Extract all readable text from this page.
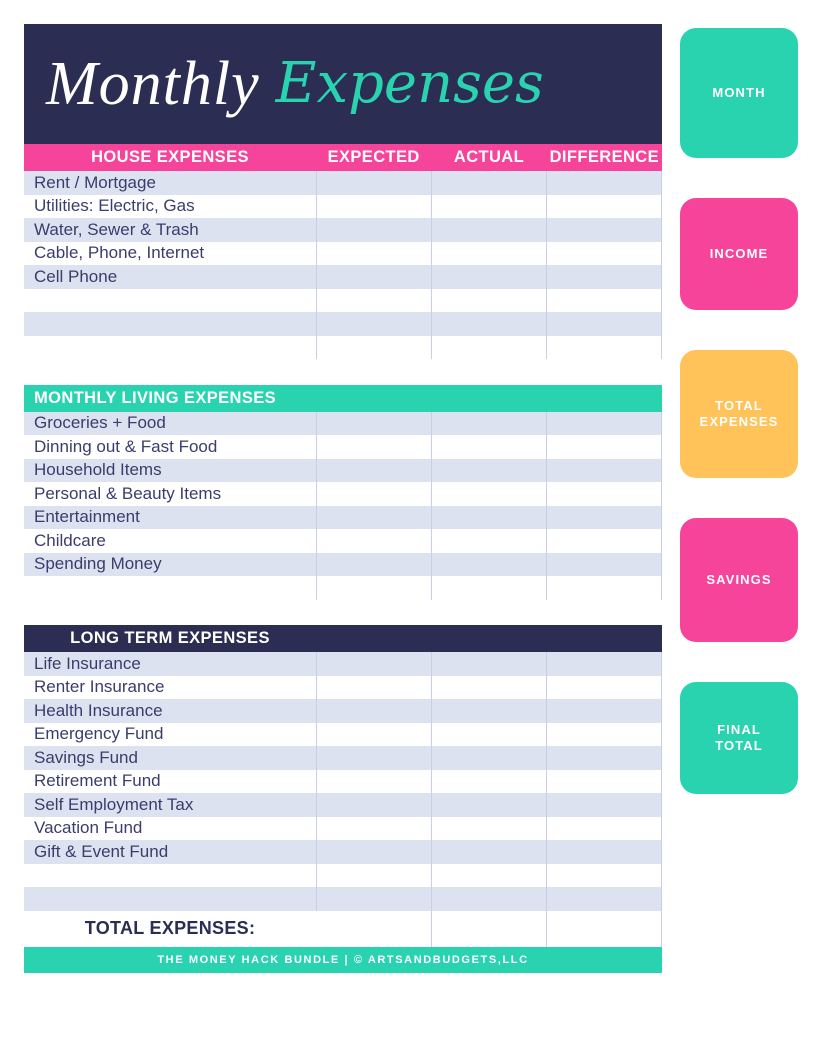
Monthly Expenses
HOUSE EXPENSES	EXPECTED	ACTUAL	DIFFERENCE
Rent / Mortgage			
Utilities: Electric, Gas			
Water, Sewer & Trash			
Cable, Phone, Internet			
Cell Phone			

MONTHLY LIVING EXPENSES			
Groceries + Food			
Dinning out & Fast Food			
Household Items			
Personal & Beauty Items			
Entertainment			
Childcare			
Spending Money			

LONG TERM EXPENSES			
Life Insurance			
Renter Insurance			
Health Insurance			
Emergency Fund			
Savings Fund			
Retirement Fund			
Self Employment Tax			
Vacation Fund			
Gift & Event Fund			

TOTAL EXPENSES:			
THE MONEY HACK BUNDLE | © ARTSANDBUDGETS,LLC
MONTH
INCOME
TOTAL
EXPENSES
SAVINGS
FINAL
TOTAL
